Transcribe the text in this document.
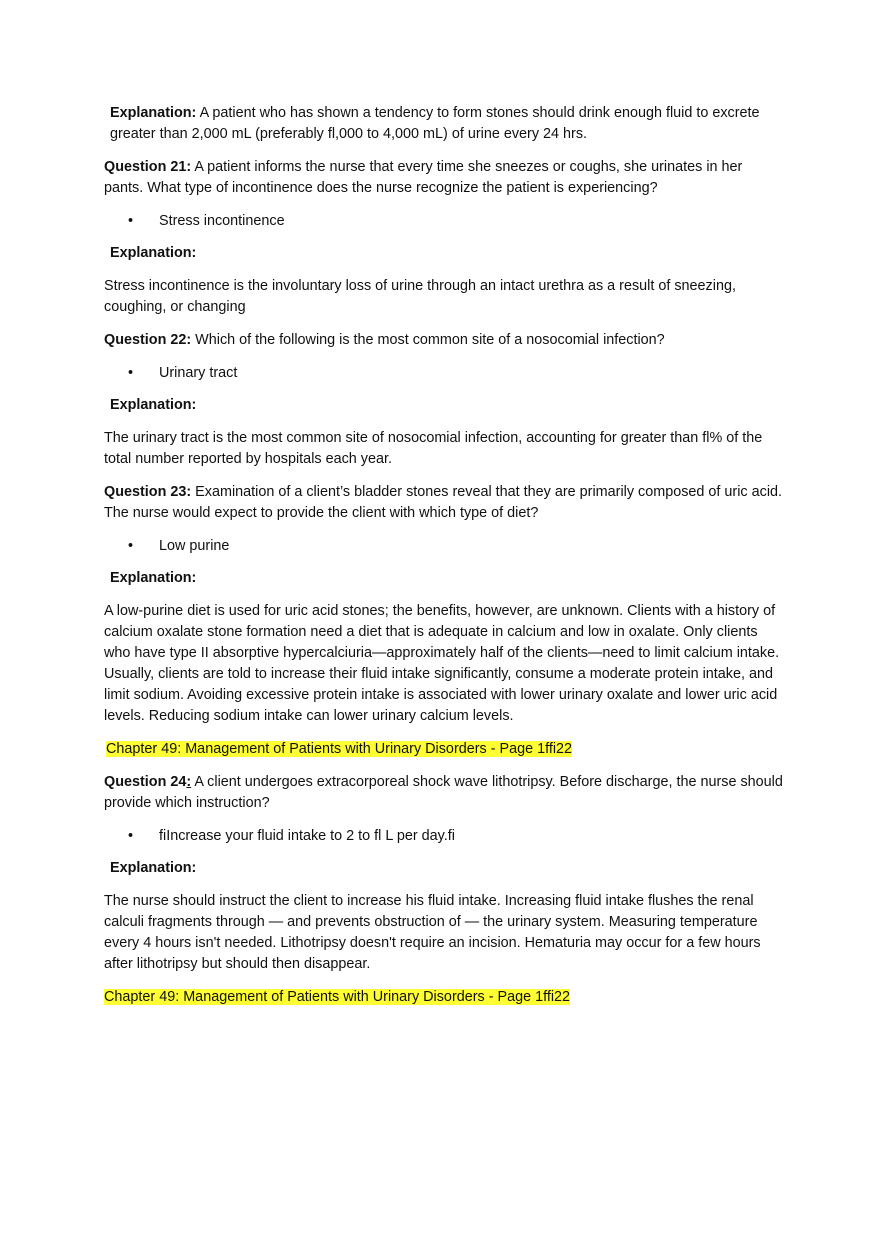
Explanation: A patient who has shown a tendency to form stones should drink enough fluid to excrete greater than 2,000 mL (preferably fl,000 to 4,000 mL) of urine every 24 hrs.

Question 21: A patient informs the nurse that every time she sneezes or coughs, she urinates in her pants. What type of incontinence does the nurse recognize the patient is experiencing?

• Stress incontinence

Explanation:

Stress incontinence is the involuntary loss of urine through an intact urethra as a result of sneezing, coughing, or changing

Question 22: Which of the following is the most common site of a nosocomial infection?

• Urinary tract

Explanation:

The urinary tract is the most common site of nosocomial infection, accounting for greater than fl% of the total number reported by hospitals each year.

Question 23: Examination of a client’s bladder stones reveal that they are primarily composed of uric acid. The nurse would expect to provide the client with which type of diet?

• Low purine

Explanation:

A low-purine diet is used for uric acid stones; the benefits, however, are unknown. Clients with a history of calcium oxalate stone formation need a diet that is adequate in calcium and low in oxalate. Only clients who have type II absorptive hypercalciuria—approximately half of the clients—need to limit calcium intake. Usually, clients are told to increase their fluid intake significantly, consume a moderate protein intake, and limit sodium. Avoiding excessive protein intake is associated with lower urinary oxalate and lower uric acid levels. Reducing sodium intake can lower urinary calcium levels.

Chapter 49: Management of Patients with Urinary Disorders - Page 1ffi22

Question 24: A client undergoes extracorporeal shock wave lithotripsy. Before discharge, the nurse should provide which instruction?

• fiIncrease your fluid intake to 2 to fl L per day.fi

Explanation:

The nurse should instruct the client to increase his fluid intake. Increasing fluid intake flushes the renal calculi fragments through — and prevents obstruction of — the urinary system. Measuring temperature every 4 hours isn't needed. Lithotripsy doesn't require an incision. Hematuria may occur for a few hours after lithotripsy but should then disappear.

Chapter 49: Management of Patients with Urinary Disorders - Page 1ffi22
